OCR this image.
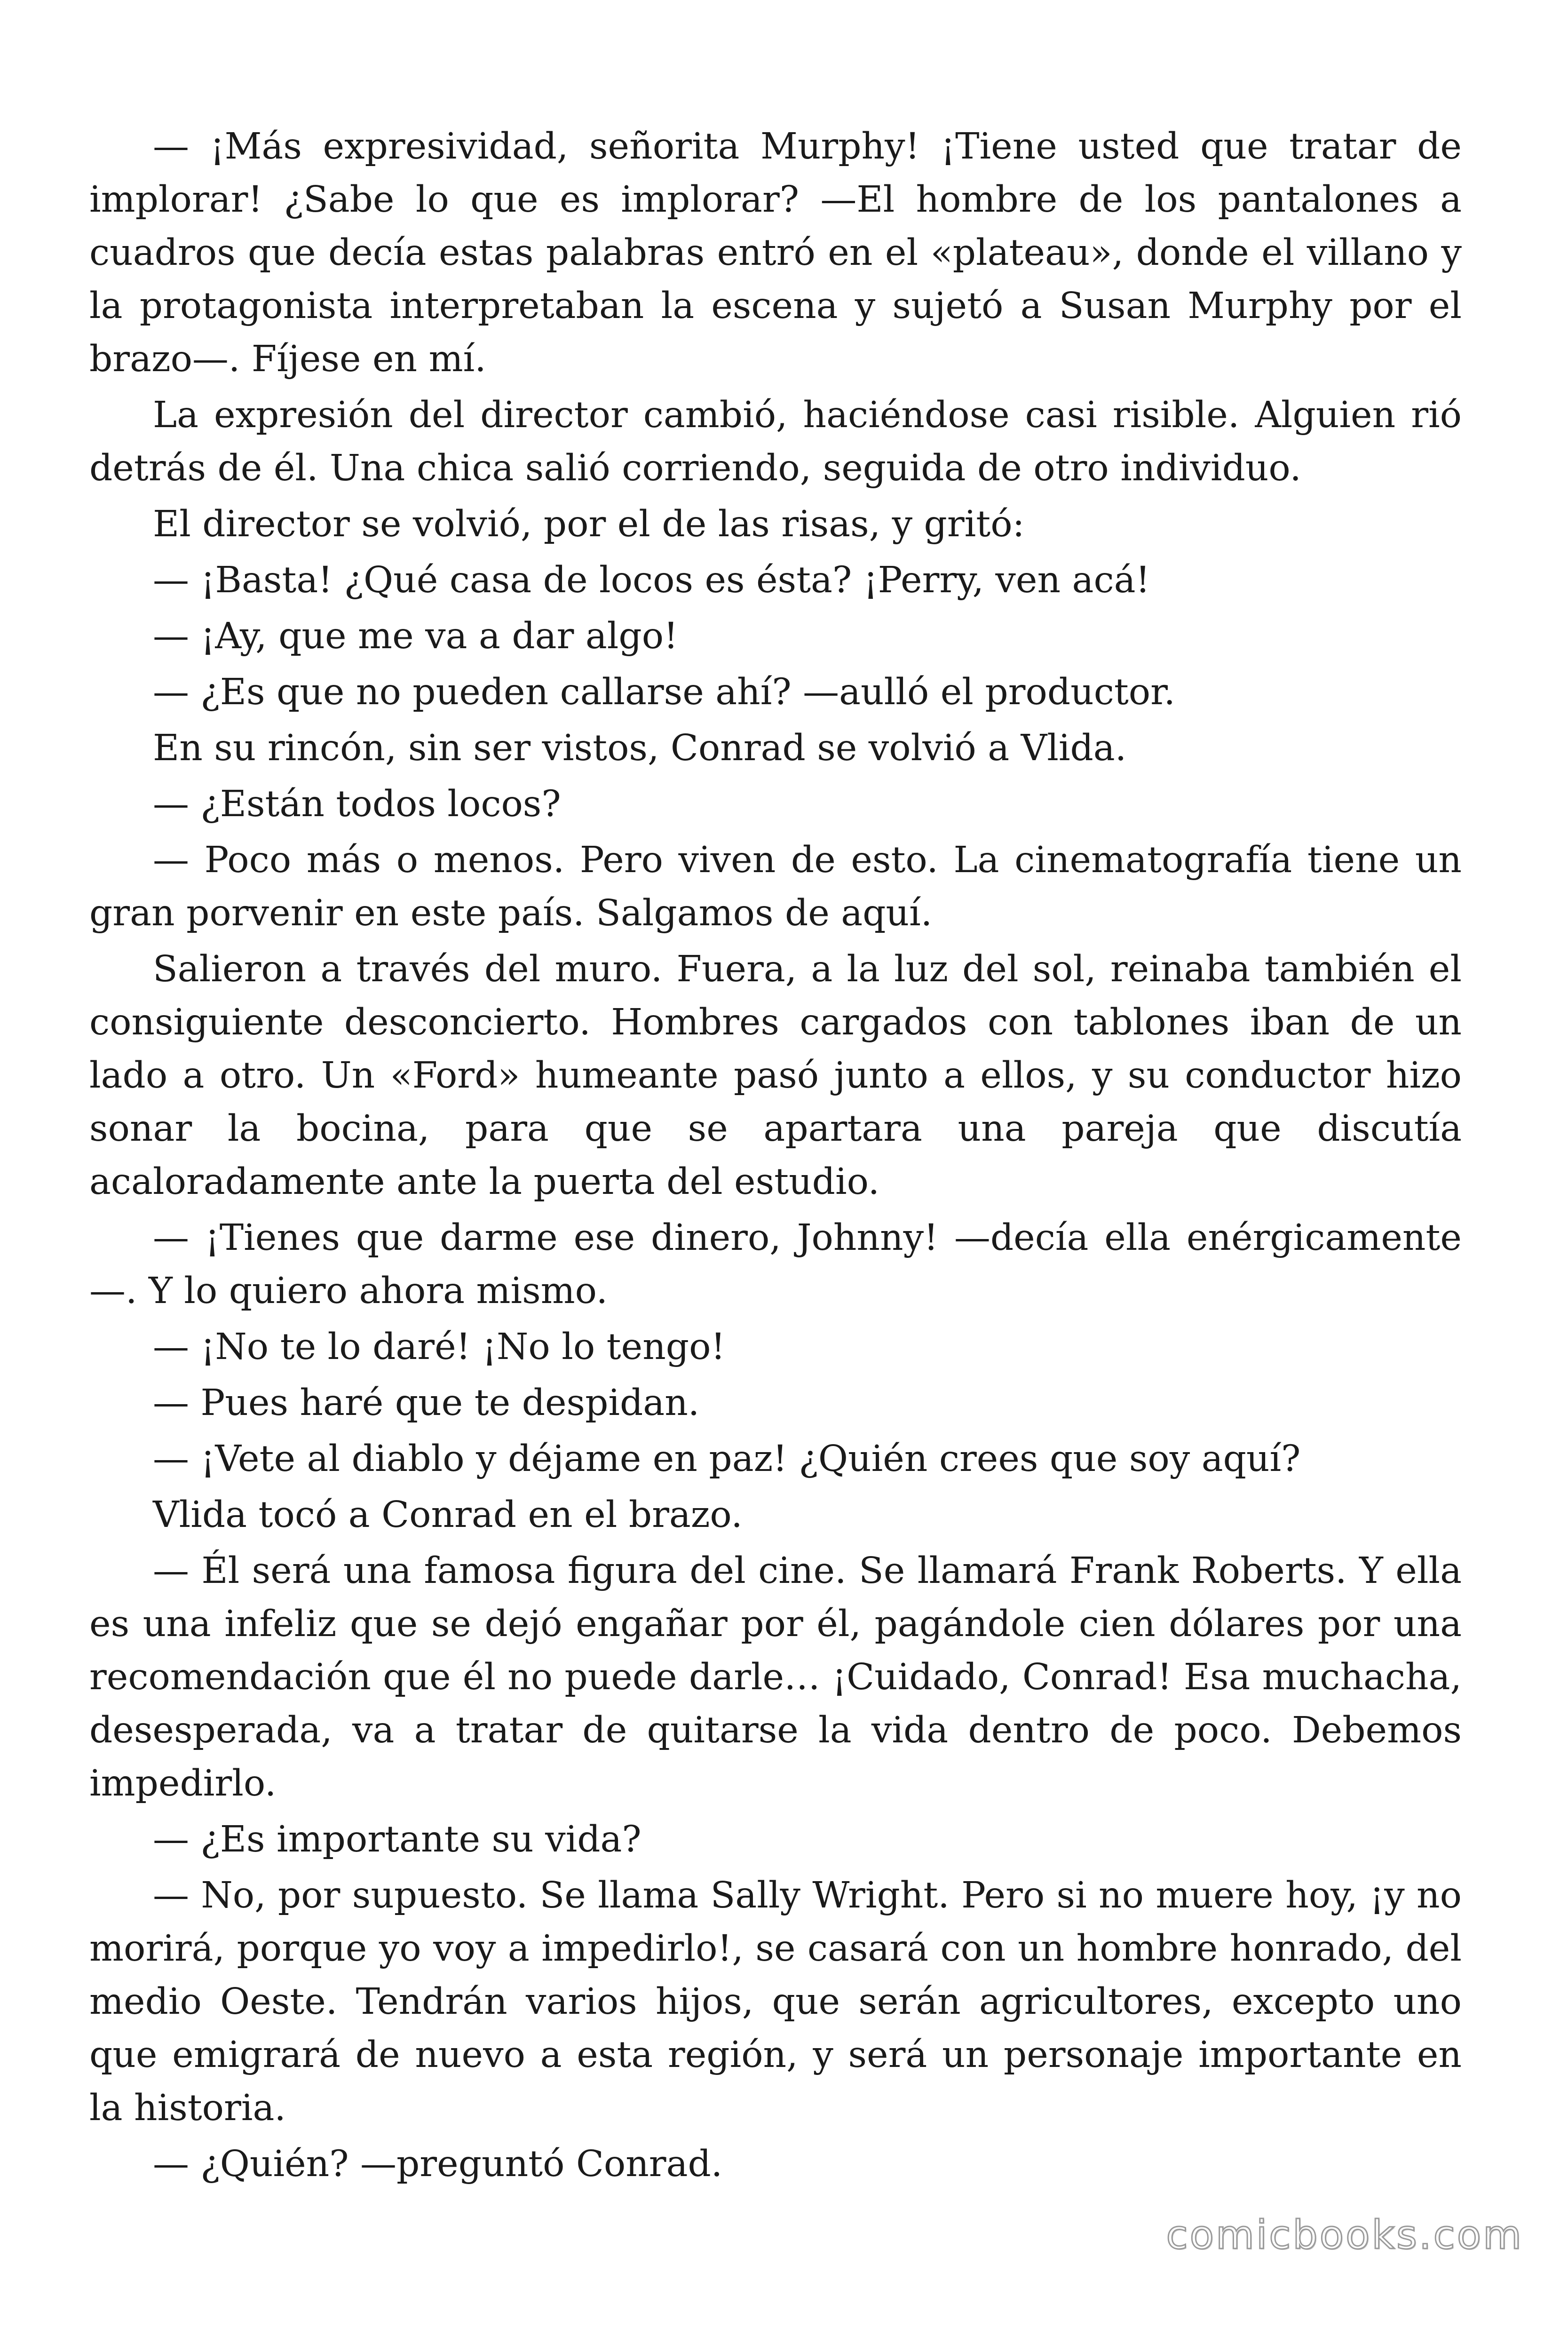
— ¡Más expresividad, señorita Murphy! ¡Tiene usted que tratar de implorar! ¿Sabe lo que es implorar? —El hombre de los pantalones a cuadros que decía estas palabras entró en el «plateau», donde el villano y la protagonista interpretaban la escena y sujetó a Susan Murphy por el brazo—. Fíjese en mí.

La expresión del director cambió, haciéndose casi risible. Alguien rió detrás de él. Una chica salió corriendo, seguida de otro individuo.

El director se volvió, por el de las risas, y gritó:

— ¡Basta! ¿Qué casa de locos es ésta? ¡Perry, ven acá!

— ¡Ay, que me va a dar algo!

— ¿Es que no pueden callarse ahí? —aulló el productor.

En su rincón, sin ser vistos, Conrad se volvió a Vlida.

— ¿Están todos locos?

— Poco más o menos. Pero viven de esto. La cinematografía tiene un gran porvenir en este país. Salgamos de aquí.

Salieron a través del muro. Fuera, a la luz del sol, reinaba también el consiguiente desconcierto. Hombres cargados con tablones iban de un lado a otro. Un «Ford» humeante pasó junto a ellos, y su conductor hizo sonar la bocina, para que se apartara una pareja que discutía acaloradamente ante la puerta del estudio.

— ¡Tienes que darme ese dinero, Johnny! —decía ella enérgicamente—. Y lo quiero ahora mismo.

— ¡No te lo daré! ¡No lo tengo!

— Pues haré que te despidan.

— ¡Vete al diablo y déjame en paz! ¿Quién crees que soy aquí?

Vlida tocó a Conrad en el brazo.

— Él será una famosa figura del cine. Se llamará Frank Roberts. Y ella es una infeliz que se dejó engañar por él, pagándole cien dólares por una recomendación que él no puede darle… ¡Cuidado, Conrad! Esa muchacha, desesperada, va a tratar de quitarse la vida dentro de poco. Debemos impedirlo.

— ¿Es importante su vida?

— No, por supuesto. Se llama Sally Wright. Pero si no muere hoy, ¡y no morirá, porque yo voy a impedirlo!, se casará con un hombre honrado, del medio Oeste. Tendrán varios hijos, que serán agricultores, excepto uno que emigrará de nuevo a esta región, y será un personaje importante en la historia.

— ¿Quién? —preguntó Conrad.

comicbooks.com
